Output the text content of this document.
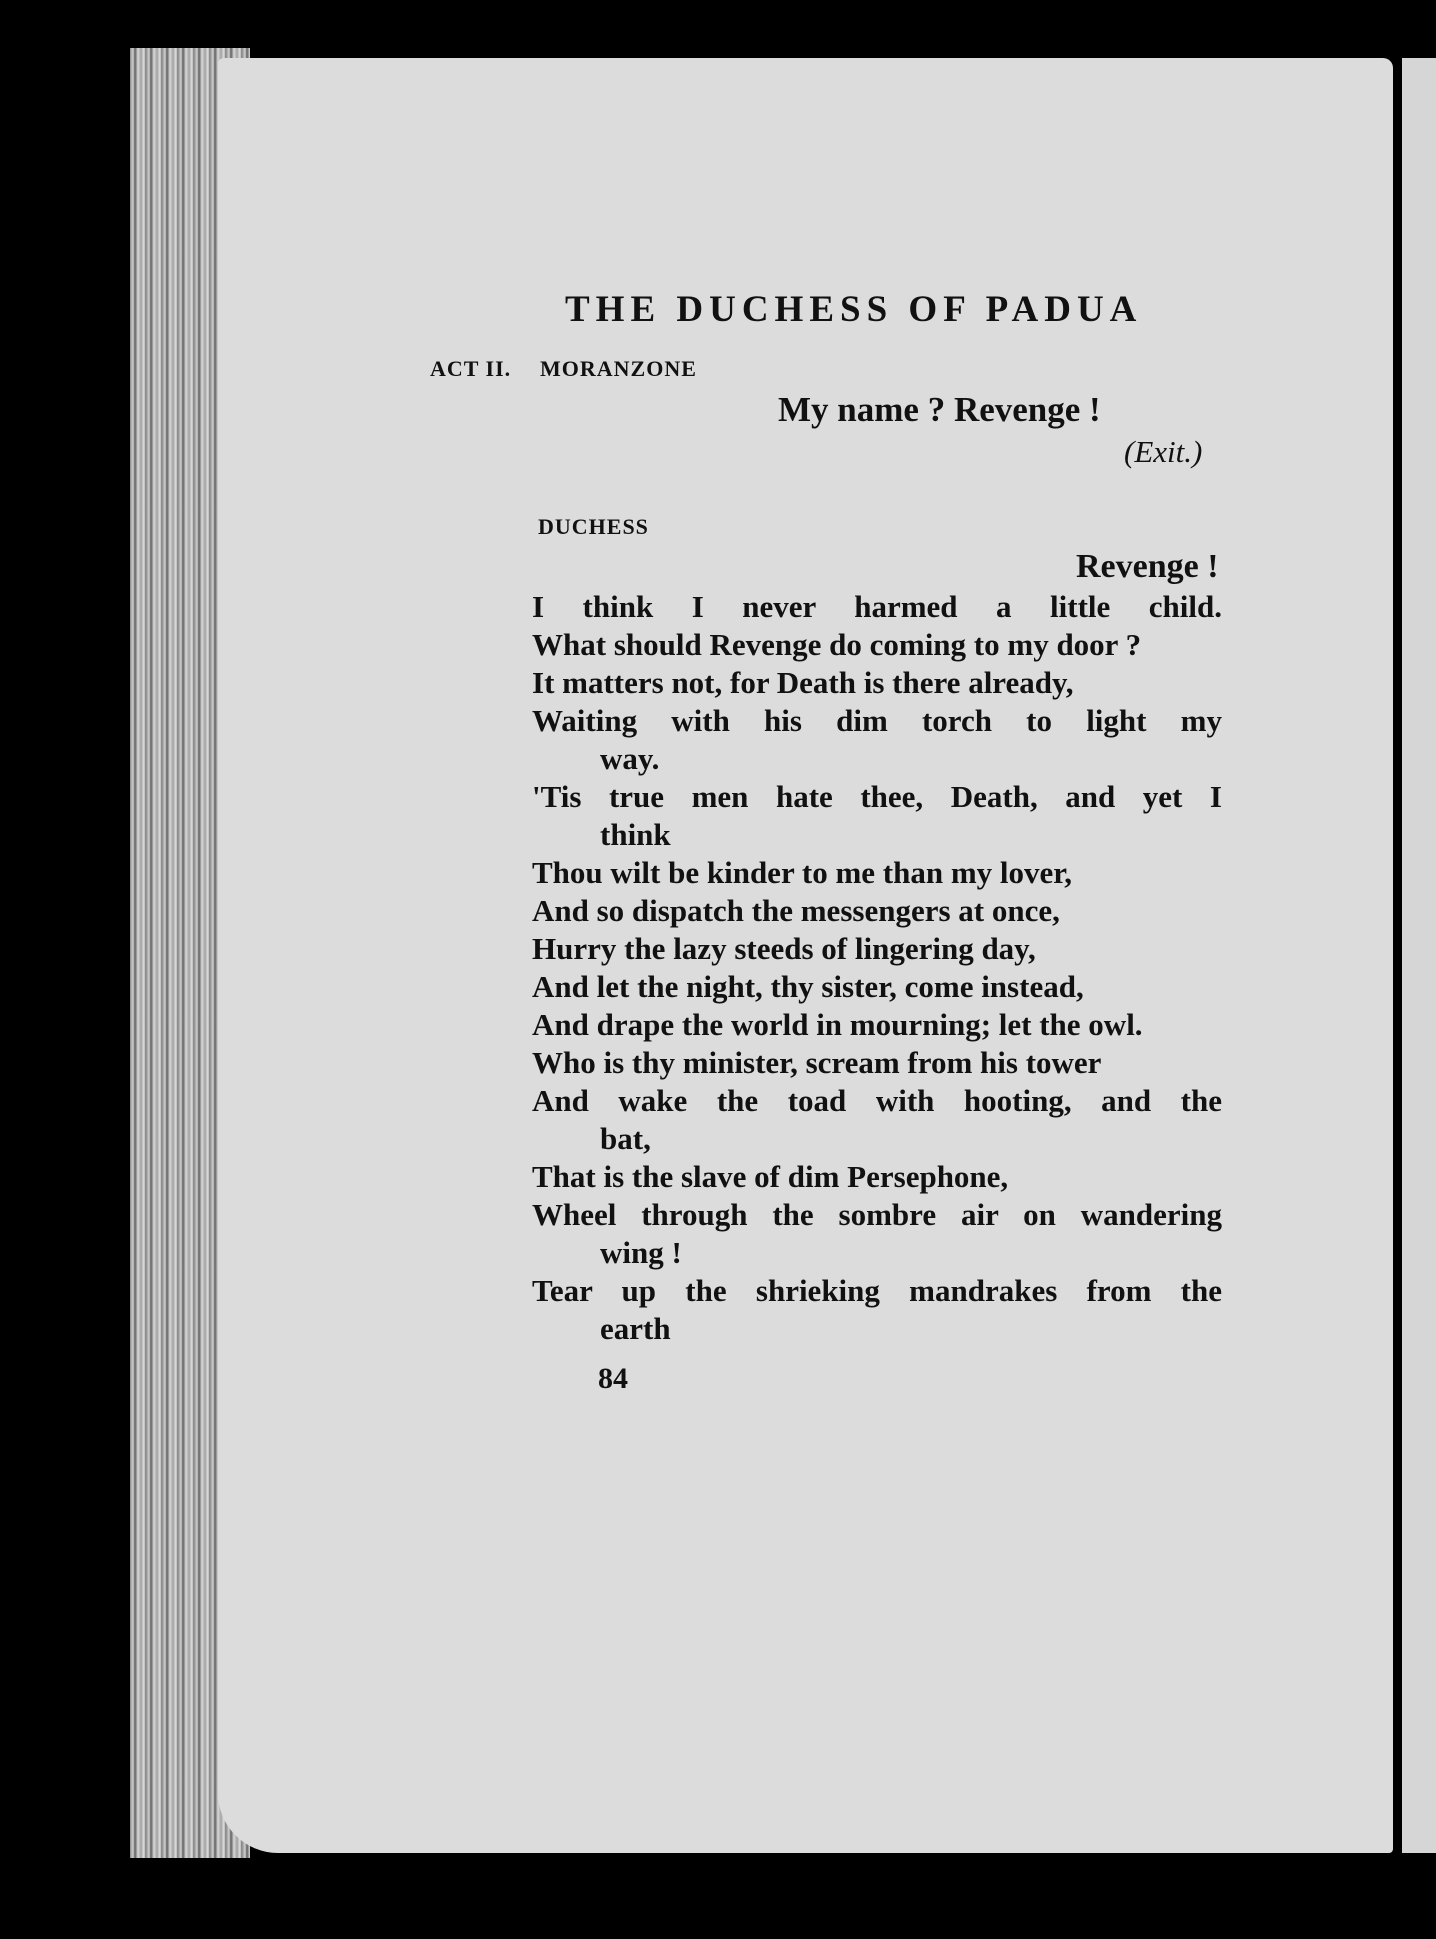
THE DUCHESS OF PADUA
ACT II. MORANZONE
My name ? Revenge !
(Exit.)
DUCHESS
Revenge !

I think I never harmed a little child.

What should Revenge do coming to my door ?

It matters not, for Death is there already,

Waiting with his dim torch to light my

way.

'Tis true men hate thee, Death, and yet I

think

Thou wilt be kinder to me than my lover,

And so dispatch the messengers at once,

Hurry the lazy steeds of lingering day,

And let the night, thy sister, come instead,

And drape the world in mourning; let the owl.

Who is thy minister, scream from his tower

And wake the toad with hooting, and the

bat,

That is the slave of dim Persephone,

Wheel through the sombre air on wandering

wing !

Tear up the shrieking mandrakes from the

earth

84
